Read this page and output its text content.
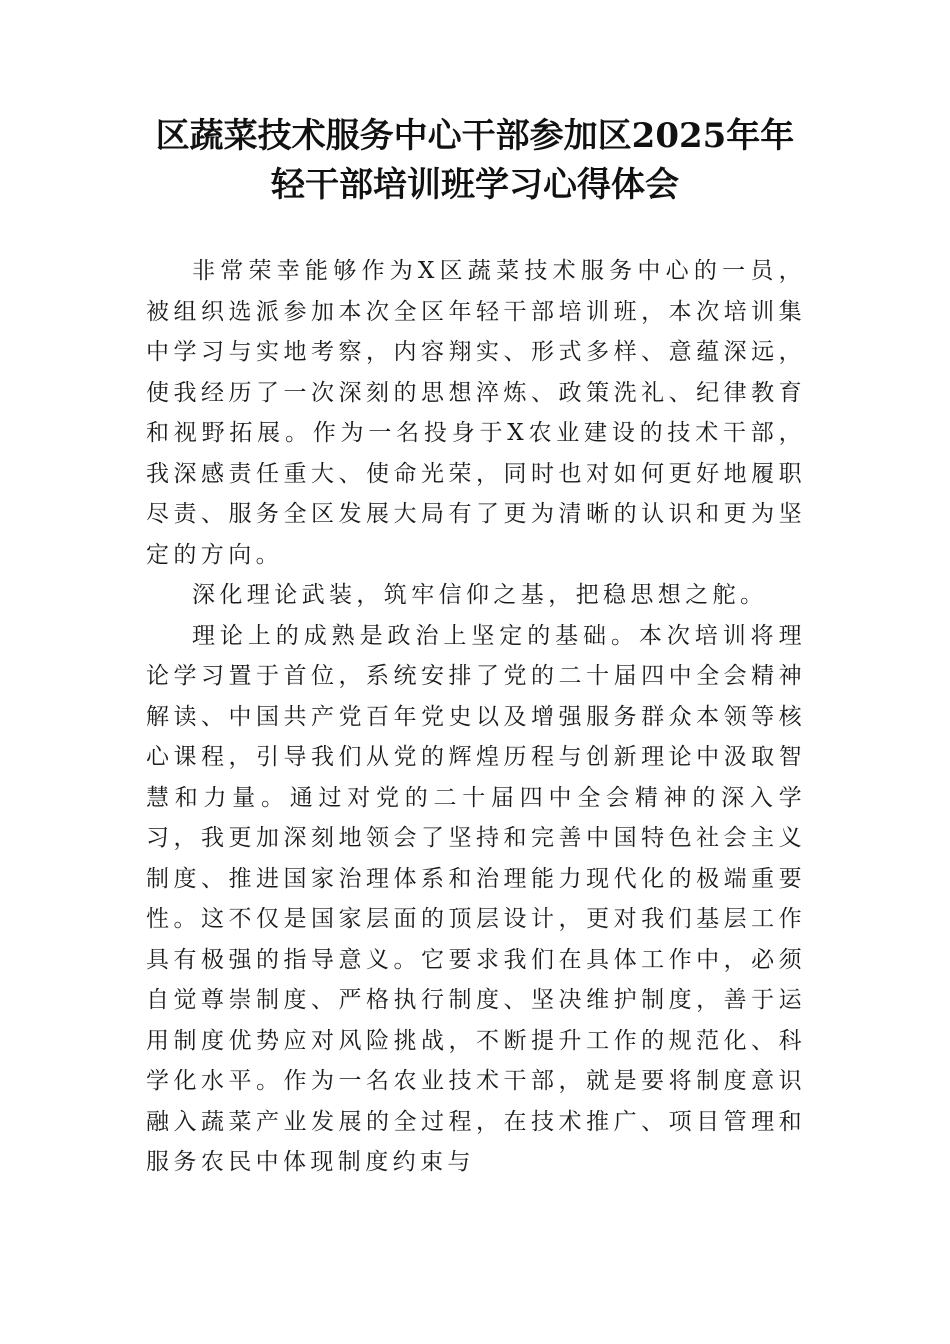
区蔬菜技术服务中心干部参加区2025年年
轻干部培训班学习心得体会

非常荣幸能够作为X区蔬菜技术服务中心的一员，被组织选派参加本次全区年轻干部培训班，本次培训集中学习与实地考察，内容翔实、形式多样、意蕴深远，使我经历了一次深刻的思想淬炼、政策洗礼、纪律教育和视野拓展。作为一名投身于X农业建设的技术干部，我深感责任重大、使命光荣，同时也对如何更好地履职尽责、服务全区发展大局有了更为清晰的认识和更为坚定的方向。

深化理论武装，筑牢信仰之基，把稳思想之舵。

理论上的成熟是政治上坚定的基础。本次培训将理论学习置于首位，系统安排了党的二十届四中全会精神解读、中国共产党百年党史以及增强服务群众本领等核心课程，引导我们从党的辉煌历程与创新理论中汲取智慧和力量。通过对党的二十届四中全会精神的深入学习，我更加深刻地领会了坚持和完善中国特色社会主义制度、推进国家治理体系和治理能力现代化的极端重要性。这不仅是国家层面的顶层设计，更对我们基层工作具有极强的指导意义。它要求我们在具体工作中，必须自觉尊崇制度、严格执行制度、坚决维护制度，善于运用制度优势应对风险挑战，不断提升工作的规范化、科学化水平。作为一名农业技术干部，就是要将制度意识融入蔬菜产业发展的全过程，在技术推广、项目管理和服务农民中体现制度约束与
